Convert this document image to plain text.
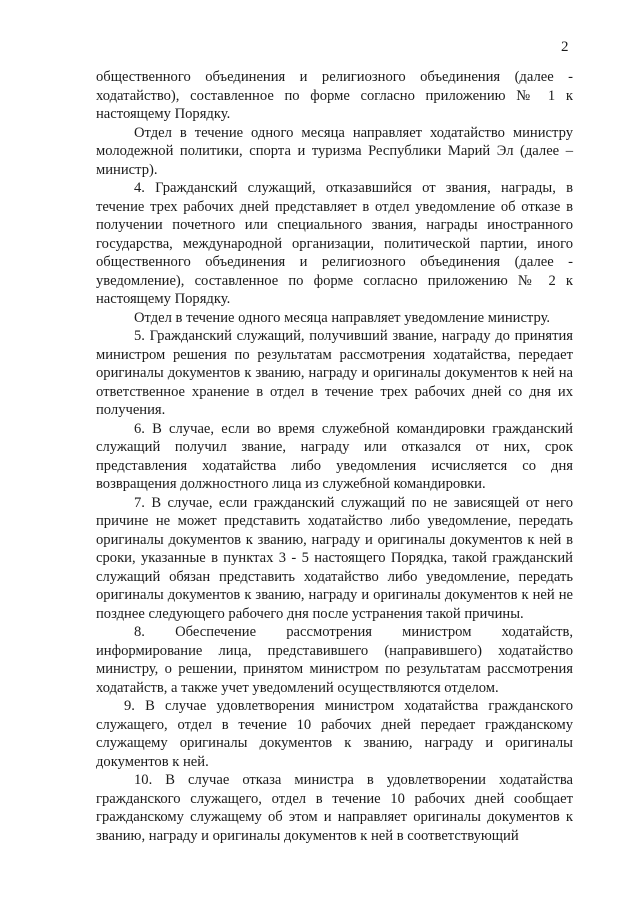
2

общественного объединения и религиозного объединения (далее - ходатайство), составленное по форме согласно приложению № 1 к настоящему Порядку.

Отдел в течение одного месяца направляет ходатайство министру молодежной политики, спорта и туризма Республики Марий Эл (далее – министр).

4. Гражданский служащий, отказавшийся от звания, награды, в течение трех рабочих дней представляет в отдел уведомление об отказе в получении почетного или специального звания, награды иностранного государства, международной организации, политической партии, иного общественного объединения и религиозного объединения (далее - уведомление), составленное по форме согласно приложению № 2 к настоящему Порядку.

Отдел в течение одного месяца направляет уведомление министру.

5. Гражданский служащий, получивший звание, награду до принятия министром решения по результатам рассмотрения ходатайства, передает оригиналы документов к званию, награду и оригиналы документов к ней на ответственное хранение в отдел в течение трех рабочих дней со дня их получения.

6. В случае, если во время служебной командировки гражданский служащий получил звание, награду или отказался от них, срок представления ходатайства либо уведомления исчисляется со дня возвращения должностного лица из служебной командировки.

7. В случае, если гражданский служащий по не зависящей от него причине не может представить ходатайство либо уведомление, передать оригиналы документов к званию, награду и оригиналы документов к ней в сроки, указанные в пунктах 3 - 5 настоящего Порядка, такой гражданский служащий обязан представить ходатайство либо уведомление, передать оригиналы документов к званию, награду и оригиналы документов к ней не позднее следующего рабочего дня после устранения такой причины.

8. Обеспечение рассмотрения министром ходатайств, информирование лица, представившего (направившего) ходатайство министру, о решении, принятом министром по результатам рассмотрения ходатайств, а также учет уведомлений осуществляются отделом.

9. В случае удовлетворения министром ходатайства гражданского служащего, отдел в течение 10 рабочих дней передает гражданскому служащему оригиналы документов к званию, награду и оригиналы документов к ней.

10. В случае отказа министра в удовлетворении ходатайства гражданского служащего, отдел в течение 10 рабочих дней сообщает гражданскому служащему об этом и направляет оригиналы документов к званию, награду и оригиналы документов к ней в соответствующий
